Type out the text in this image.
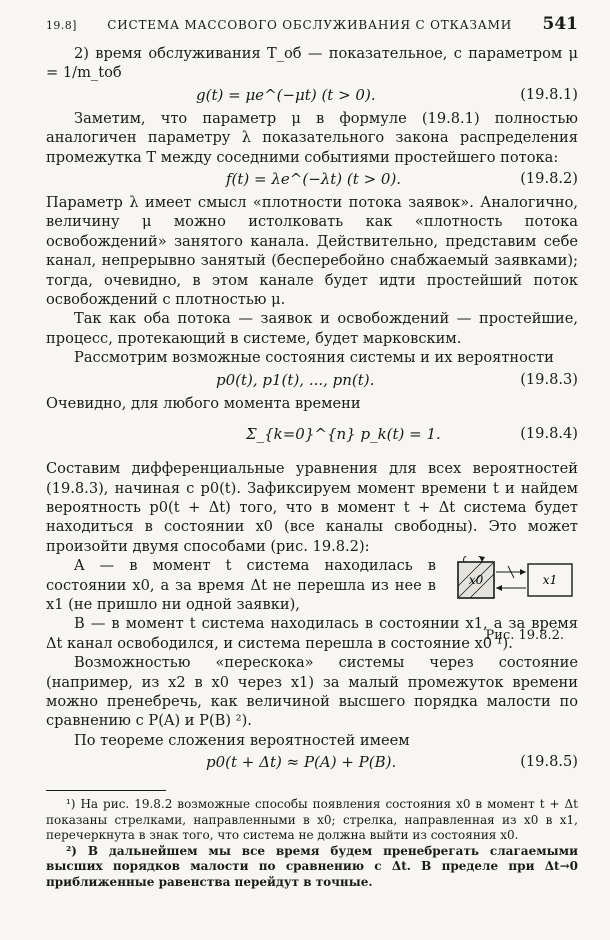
19.8]	СИСТЕМА МАССОВОГО ОБСЛУЖИВАНИЯ С ОТКАЗАМИ 541

2) время обслуживания T_об — показательное, с параметром μ = 1/m_tоб

g(t) = μe^(−μt) (t > 0).	(19.8.1)

Заметим, что параметр μ в формуле (19.8.1) полностью аналогичен параметру λ показательного закона распределения промежутка T между соседними событиями простейшего потока:

f(t) = λe^(−λt) (t > 0).	(19.8.2)

Параметр λ имеет смысл «плотности потока заявок». Аналогично, величину μ можно истолковать как «плотность потока освобождений» занятого канала. Действительно, представим себе канал, непрерывно занятый (бесперебойно снабжаемый заявками); тогда, очевидно, в этом канале будет идти простейший поток освобождений с плотностью μ.

Так как оба потока — заявок и освобождений — простейшие, процесс, протекающий в системе, будет марковским.

Рассмотрим возможные состояния системы и их вероятности

p0(t), p1(t), ..., pn(t).	(19.8.3)

Очевидно, для любого момента времени

Σ_{k=0}^{n} p_k(t) = 1.	(19.8.4)

Составим дифференциальные уравнения для всех вероятностей (19.8.3), начиная с p0(t). Зафиксируем момент времени t и найдем вероятность p0(t + Δt) того, что в момент t + Δt система будет находиться в состоянии x0 (все каналы свободны). Это может произойти двумя способами (рис. 19.8.2):

x0	x1
Рис. 19.8.2.

A — в момент t система находилась в состоянии x0, а за время Δt не перешла из нее в x1 (не пришло ни одной заявки),

B — в момент t система находилась в состоянии x1, а за время Δt канал освободился, и система перешла в состояние x0 ¹).

Возможностью «перескока» системы через состояние (например, из x2 в x0 через x1) за малый промежуток времени можно пренебречь, как величиной высшего порядка малости по сравнению с P(A) и P(B) ²).

По теореме сложения вероятностей имеем

p0(t + Δt) ≈ P(A) + P(B).	(19.8.5)

¹) На рис. 19.8.2 возможные способы появления состояния x0 в момент t + Δt показаны стрелками, направленными в x0; стрелка, направленная из x0 в x1, перечеркнута в знак того, что система не должна выйти из состояния x0.

²) В дальнейшем мы все время будем пренебрегать слагаемыми высших порядков малости по сравнению с Δt. В пределе при Δt→0 приближенные равенства перейдут в точные.
